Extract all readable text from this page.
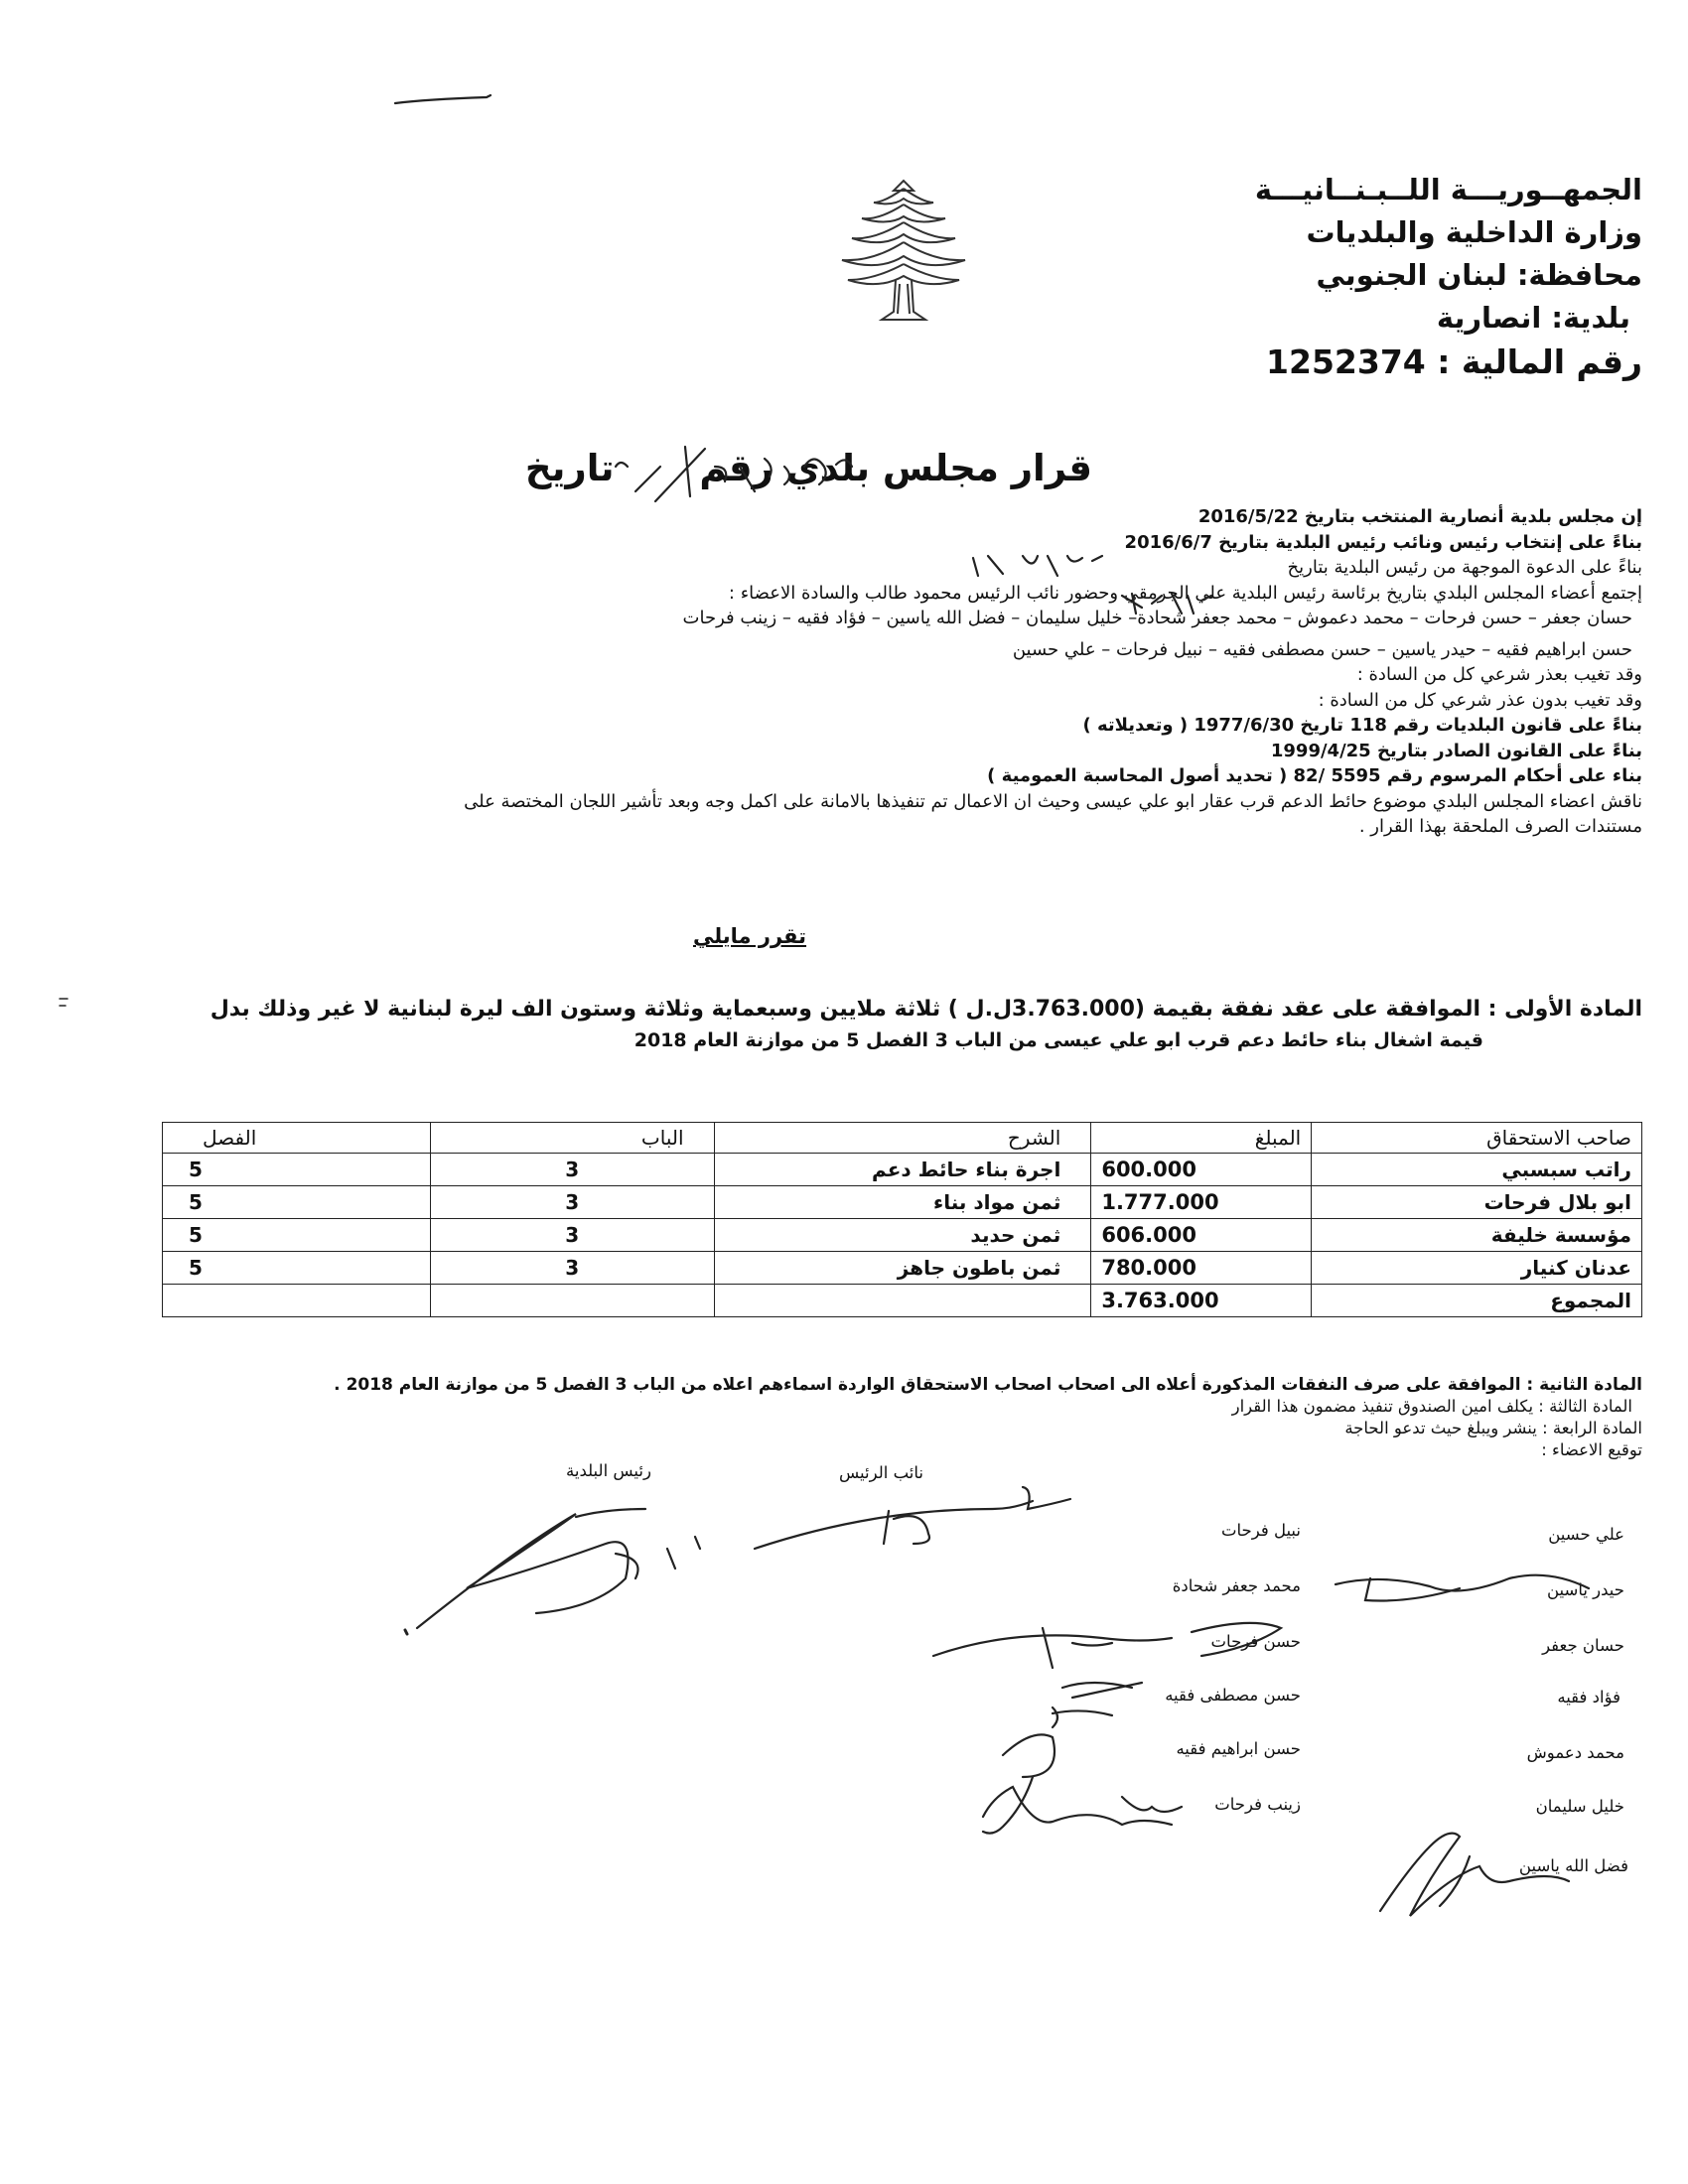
الجمهــوريـــة اللــبـنــانيـــة
وزارة الداخلية والبلديات
محافظة: لبنان الجنوبي
بلدية: انصارية
رقم المالية : 1252374
قرار مجلس بلدي رقم  تاريخ
إن مجلس بلدية أنصارية المنتخب بتاريخ 2016/5/22
بناءً على إنتخاب رئيس ونائب رئيس البلدية بتاريخ 2016/6/7
بناءً على الدعوة الموجهة من رئيس البلدية بتاريخ
إجتمع أعضاء المجلس البلدي بتاريخ برئاسة رئيس البلدية علي الجرمقي وحضور نائب الرئيس محمود طالب والسادة الاعضاء :
حسان جعفر – حسن فرحات – محمد دعموش – محمد جعفر شحادة– خليل سليمان – فضل الله ياسين – فؤاد فقيه – زينب فرحات
حسن ابراهيم فقيه – حيدر ياسين – حسن مصطفى فقيه – نبيل فرحات – علي حسين
وقد تغيب بعذر شرعي كل من السادة :
وقد تغيب بدون عذر شرعي كل من السادة :
بناءً على قانون البلديات رقم 118 تاريخ 1977/6/30 ( وتعديلاته )
بناءً على القانون الصادر بتاريخ 1999/4/25
بناء على أحكام المرسوم رقم 5595 /82 ( تحديد أصول المحاسبة العمومية )
ناقش اعضاء المجلس البلدي موضوع حائط الدعم قرب عقار ابو علي عيسى وحيث ان الاعمال تم تنفيذها بالامانة على اكمل وجه وبعد تأشير اللجان المختصة على
مستندات الصرف الملحقة بهذا القرار .
تقرر مايلي
المادة الأولى : الموافقة على عقد نفقة بقيمة (3.763.000ل.ل ) ثلاثة ملايين وسبعماية وثلاثة وستون الف ليرة لبنانية لا غير وذلك بدل
قيمة اشغال بناء حائط دعم قرب ابو علي عيسى من الباب 3 الفصل 5 من موازنة العام 2018
صاحب الاستحقاق	المبلغ	الشرح	الباب	الفصل
راتب سبسبي	600.000	اجرة بناء حائط دعم	3	5
ابو بلال فرحات	1.777.000	ثمن مواد بناء	3	5
مؤسسة خليفة	606.000	ثمن حديد	3	5
عدنان كنيار	780.000	ثمن باطون جاهز	3	5
المجموع	3.763.000			
المادة الثانية : الموافقة على صرف النفقات المذكورة أعلاه الى اصحاب اصحاب الاستحقاق الواردة اسماءهم اعلاه من الباب 3 الفصل 5 من موازنة العام 2018 .
المادة الثالثة : يكلف امين الصندوق تنفيذ مضمون هذا القرار
المادة الرابعة : ينشر ويبلغ حيث تدعو الحاجة
توقيع الاعضاء :
رئيس البلدية	نائب الرئيس
علي حسين
حيدر ياسين
حسان جعفر
فؤاد فقيه
محمد دعموش
خليل سليمان
فضل الله ياسين
نبيل فرحات
محمد جعفر شحادة
حسن فرحات
حسن مصطفى فقيه
حسن ابراهيم فقيه
زينب فرحات
